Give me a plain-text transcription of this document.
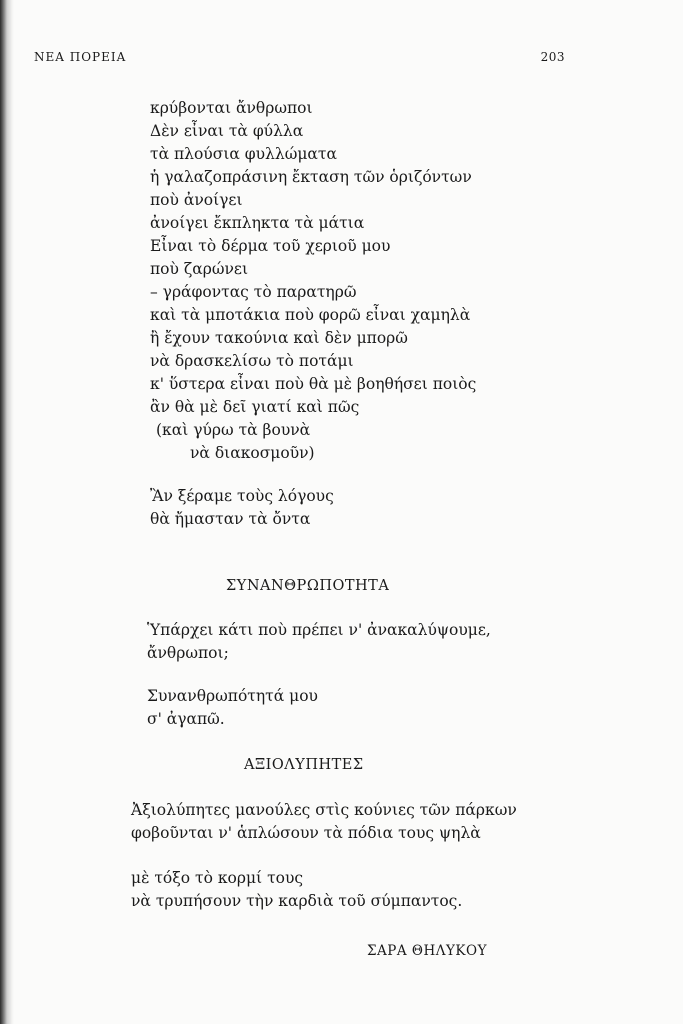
ΝΕΑ ΠΟΡΕΙΑ	203
κρύβονται ἄνθρωποι
Δὲν εἶναι τὰ φύλλα
τὰ πλούσια φυλλώματα
ἡ γαλαζοπράσινη ἔκταση τῶν ὁριζόντων
ποὺ ἀνοίγει
ἀνοίγει ἔκπληκτα τὰ μάτια
Εἶναι τὸ δέρμα τοῦ χεριοῦ μου
ποὺ ζαρώνει
– γράφοντας τὸ παρατηρῶ
καὶ τὰ μποτάκια ποὺ φορῶ εἶναι χαμηλὰ
ἢ ἔχουν τακούνια καὶ δὲν μπορῶ
νὰ δρασκελίσω τὸ ποτάμι
κ' ὕστερα εἶναι ποὺ θὰ μὲ βοηθήσει ποιὸς
ἂν θὰ μὲ δεῖ γιατί καὶ πῶς
(καὶ γύρω τὰ βουνὰ
νὰ διακοσμοῦν)
Ἂν ξέραμε τοὺς λόγους
θὰ ἤμασταν τὰ ὄντα
ΣΥΝΑΝΘΡΩΠΟΤΗΤΑ
Ὑπάρχει κάτι ποὺ πρέπει ν' ἀνακαλύψουμε,
ἄνθρωποι;
Συνανθρωπότητά μου
σ' ἀγαπῶ.
ΑΞΙΟΛΥΠΗΤΕΣ
Ἀξιολύπητες μανούλες στὶς κούνιες τῶν πάρκων
φοβοῦνται ν' ἁπλώσουν τὰ πόδια τους ψηλὰ
μὲ τόξο τὸ κορμί τους
νὰ τρυπήσουν τὴν καρδιὰ τοῦ σύμπαντος.
ΣΑΡΑ ΘΗΛΥΚΟΥ
